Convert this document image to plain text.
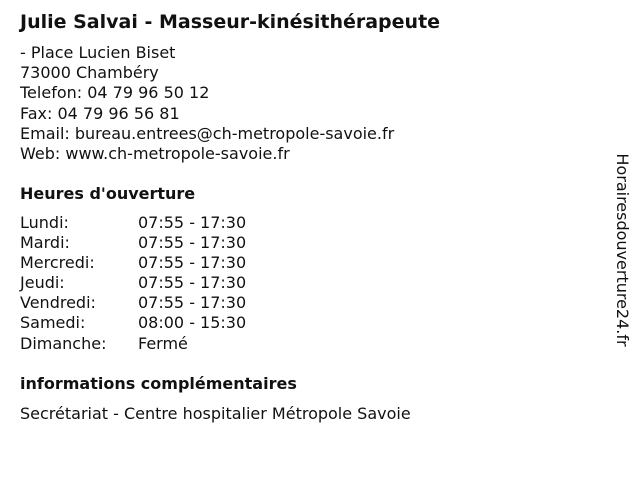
Julie Salvai - Masseur-kinésithérapeute
- Place Lucien Biset
73000 Chambéry
Telefon: 04 79 96 50 12
Fax: 04 79 96 56 81
Email: bureau.entrees@ch-metropole-savoie.fr
Web: www.ch-metropole-savoie.fr
Heures d'ouverture
Lundi:	07:55 - 17:30
Mardi:	07:55 - 17:30
Mercredi:	07:55 - 17:30
Jeudi:	07:55 - 17:30
Vendredi:	07:55 - 17:30
Samedi:	08:00 - 15:30
Dimanche: Fermé
informations complémentaires
Secrétariat - Centre hospitalier Métropole Savoie
Horairesdouverture24.fr
